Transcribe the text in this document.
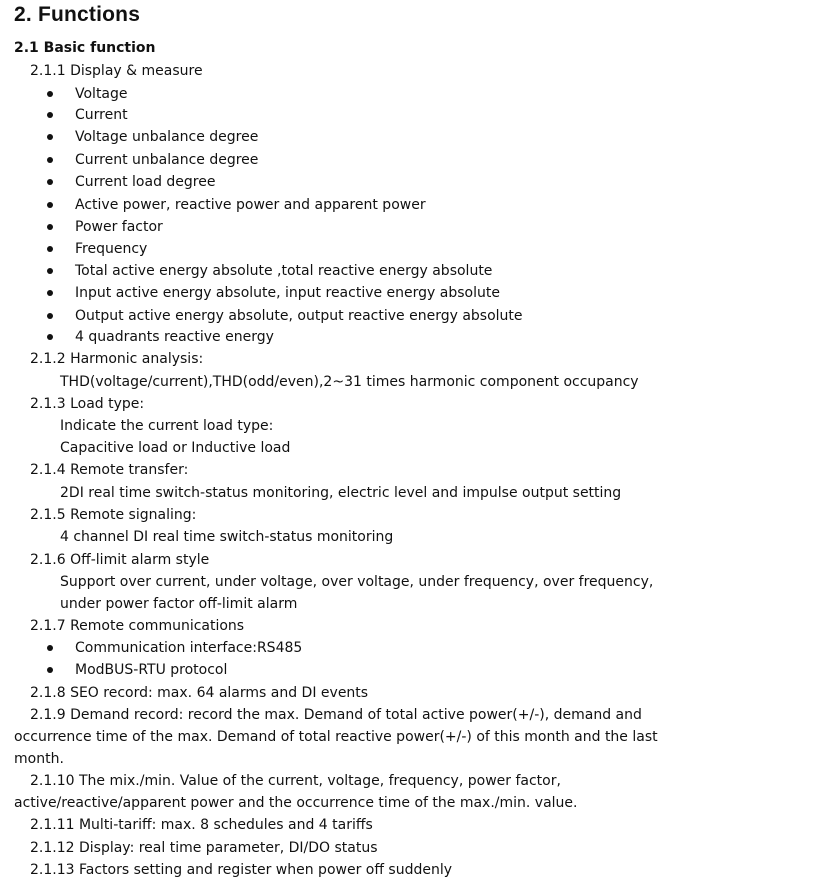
2. Functions
2.1 Basic function
2.1.1 Display & measure
Voltage
Current
Voltage unbalance degree
Current unbalance degree
Current load degree
Active power, reactive power and apparent power
Power factor
Frequency
Total active energy absolute ,total reactive energy absolute
Input active energy absolute, input reactive energy absolute
Output active energy absolute, output reactive energy absolute
4 quadrants reactive energy
2.1.2 Harmonic analysis:
THD(voltage/current),THD(odd/even),2~31 times harmonic component occupancy
2.1.3 Load type:
Indicate the current load type:
Capacitive load or Inductive load
2.1.4 Remote transfer:
2DI real time switch-status monitoring, electric level and impulse output setting
2.1.5 Remote signaling:
4 channel DI real time switch-status monitoring
2.1.6 Off-limit alarm style
Support over current, under voltage, over voltage, under frequency, over frequency,
under power factor off-limit alarm
2.1.7 Remote communications
Communication interface:RS485
ModBUS-RTU protocol
2.1.8 SEO record: max. 64 alarms and DI events
2.1.9 Demand record: record the max. Demand of total active power(+/-), demand and
occurrence time of the max. Demand of total reactive power(+/-) of this month and the last
month.
2.1.10 The mix./min. Value of the current, voltage, frequency, power factor,
active/reactive/apparent power and the occurrence time of the max./min. value.
2.1.11 Multi-tariff: max. 8 schedules and 4 tariffs
2.1.12 Display: real time parameter, DI/DO status
2.1.13 Factors setting and register when power off suddenly
